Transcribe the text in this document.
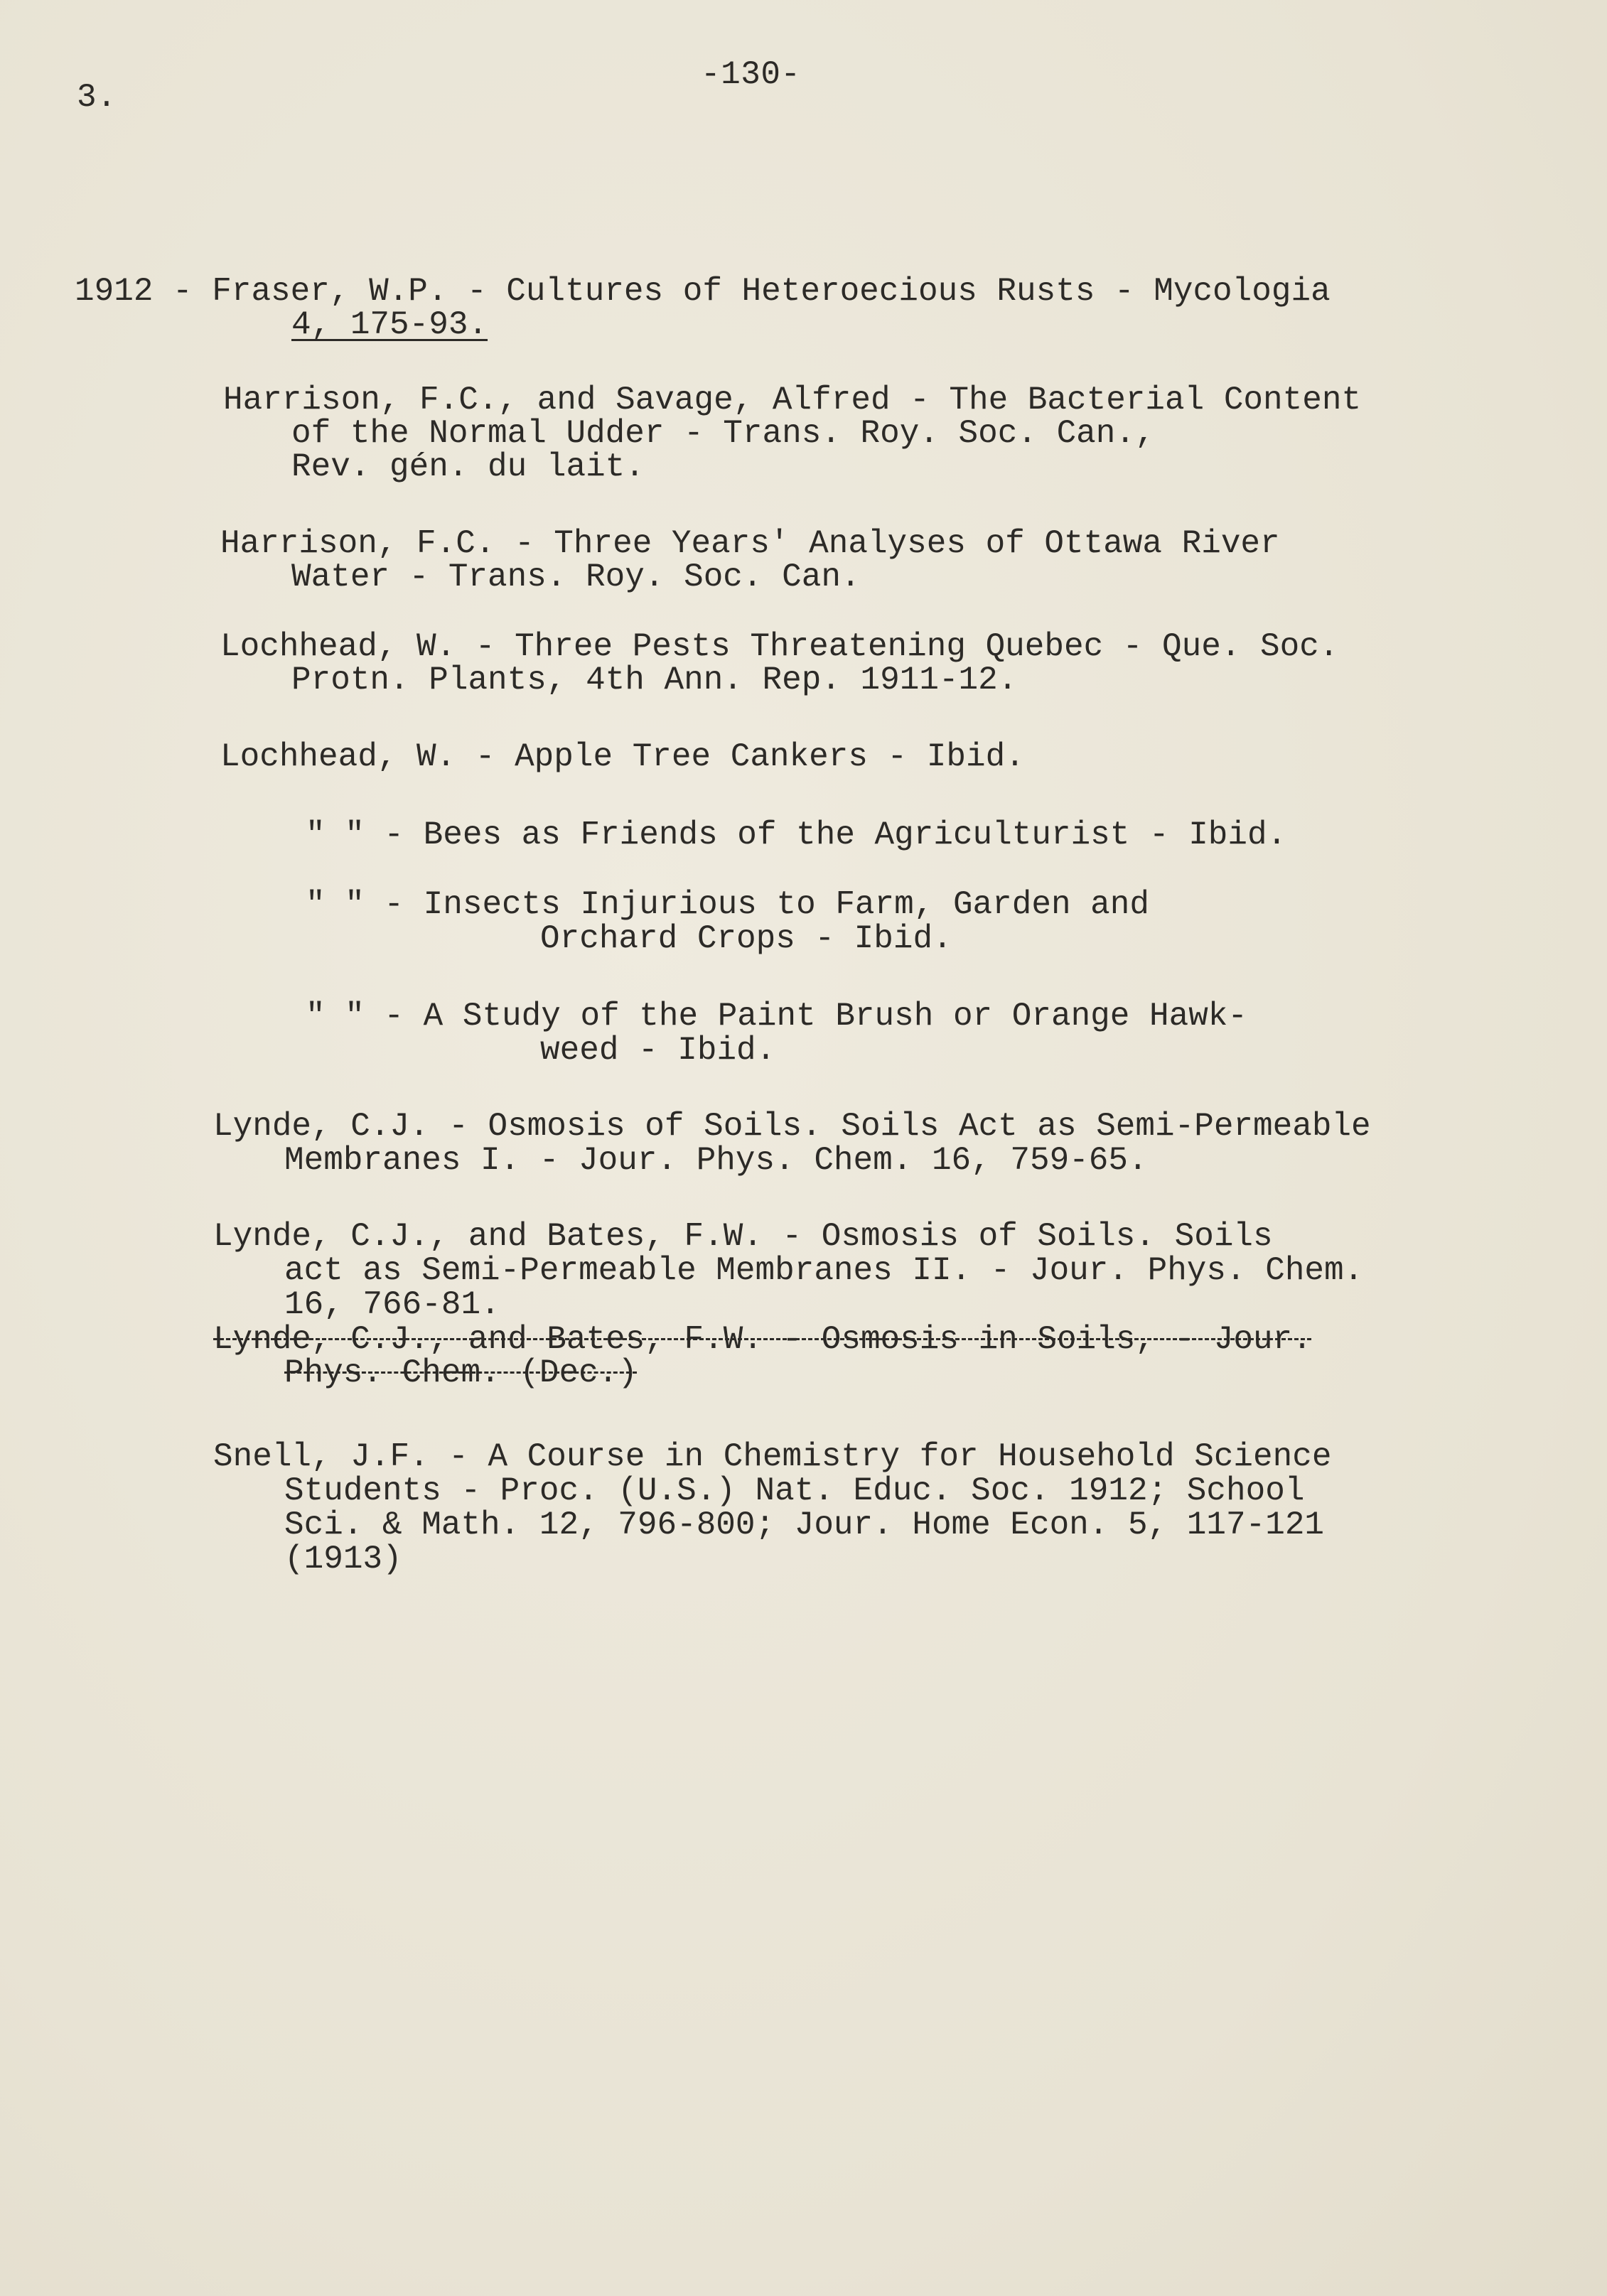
3.
-130-
1912 - Fraser, W.P. - Cultures of Heteroecious Rusts - Mycologia
4, 175-93.
Harrison, F.C., and Savage, Alfred - The Bacterial Content
of the Normal Udder - Trans. Roy. Soc. Can.,
Rev. gén. du lait.
Harrison, F.C. - Three Years' Analyses of Ottawa River
Water - Trans. Roy. Soc. Can.
Lochhead, W. - Three Pests Threatening Quebec - Que. Soc.
Protn. Plants, 4th Ann. Rep. 1911-12.
Lochhead, W. - Apple Tree Cankers - Ibid.
" " - Bees as Friends of the Agriculturist - Ibid.
" " - Insects Injurious to Farm, Garden and
Orchard Crops - Ibid.
" " - A Study of the Paint Brush or Orange Hawk-
weed - Ibid.
Lynde, C.J. - Osmosis of Soils. Soils Act as Semi-Permeable
Membranes I. - Jour. Phys. Chem. 16, 759-65.
Lynde, C.J., and Bates, F.W. - Osmosis of Soils. Soils
act as Semi-Permeable Membranes II. - Jour. Phys. Chem.
16, 766-81.
Lynde, C.J., and Bates, F.W. - Osmosis in Soils, - Jour.
Phys. Chem. (Dec.)
Snell, J.F. - A Course in Chemistry for Household Science
Students - Proc. (U.S.) Nat. Educ. Soc. 1912; School
Sci. & Math. 12, 796-800; Jour. Home Econ. 5, 117-121
(1913)
